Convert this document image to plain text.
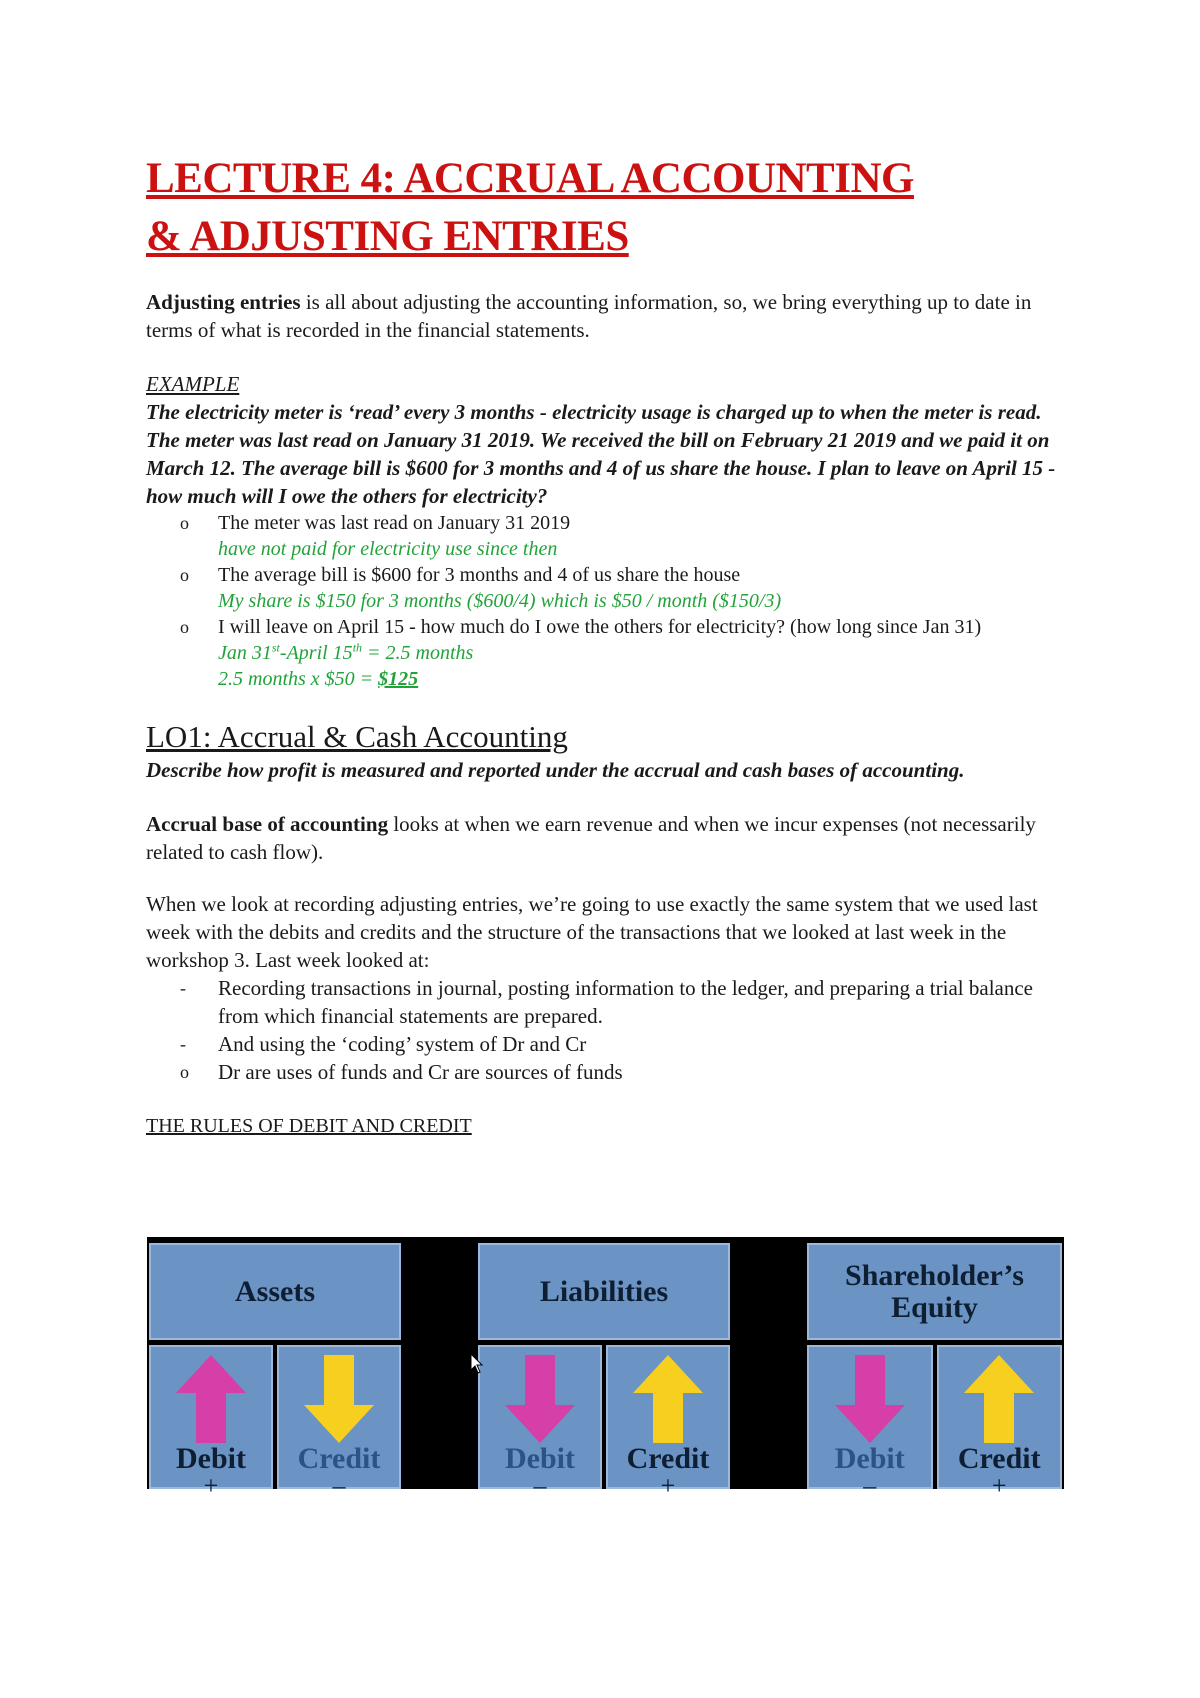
LECTURE 4: ACCRUAL ACCOUNTING
& ADJUSTING ENTRIES

Adjusting entries is all about adjusting the accounting information, so, we bring everything up to date in terms of what is recorded in the financial statements.

EXAMPLE

The electricity meter is ‘read’ every 3 months - electricity usage is charged up to when the meter is read. The meter was last read on January 31 2019. We received the bill on February 21 2019 and we paid it on March 12. The average bill is $600 for 3 months and 4 of us share the house. I plan to leave on April 15 - how much will I owe the others for electricity?

o The meter was last read on January 31 2019
have not paid for electricity use since then
o The average bill is $600 for 3 months and 4 of us share the house
My share is $150 for 3 months ($600/4) which is $50 / month ($150/3)
o I will leave on April 15 - how much do I owe the others for electricity? (how long since Jan 31)
Jan 31st-April 15th = 2.5 months
2.5 months x $50 = $125
LO1: Accrual & Cash Accounting

Describe how profit is measured and reported under the accrual and cash bases of accounting.

Accrual base of accounting looks at when we earn revenue and when we incur expenses (not necessarily related to cash flow).

When we look at recording adjusting entries, we’re going to use exactly the same system that we used last week with the debits and credits and the structure of the transactions that we looked at last week in the workshop 3. Last week looked at:

- Recording transactions in journal, posting information to the ledger, and preparing a trial balance from which financial statements are prepared.
- And using the ‘coding’ system of Dr and Cr
o Dr are uses of funds and Cr are sources of funds

THE RULES OF DEBIT AND CREDIT

Assets
Debit
+
Credit
–
Liabilities
Debit
–
Credit
+
Shareholder’s
Equity
Debit
–
Credit
+
